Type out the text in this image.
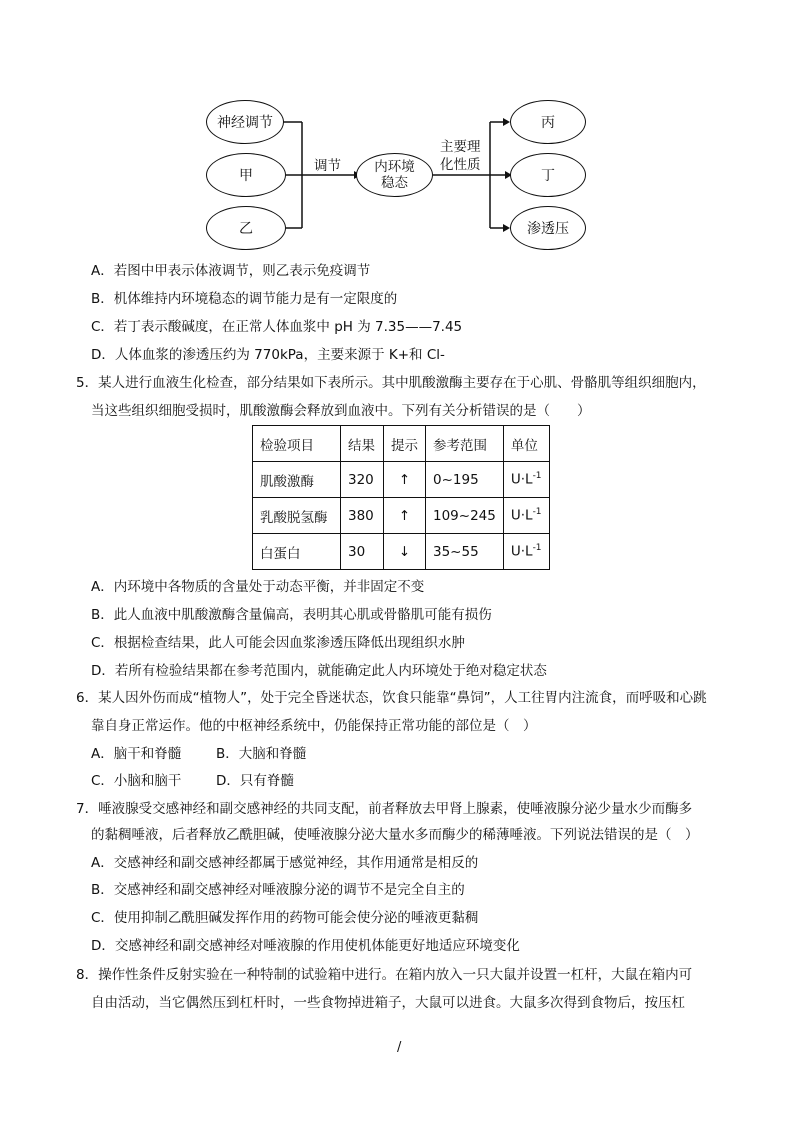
神经调节
甲
乙
调节 内环境
稳态
主要理
化性质
丙
丁
渗透压
A．若图中甲表示体液调节，则乙表示免疫调节
B．机体维持内环境稳态的调节能力是有一定限度的
C．若丁表示酸碱度，在正常人体血浆中 pH 为 7.35——7.45
D．人体血浆的渗透压约为 770kPa，主要来源于 K+和 Cl-
5．某人进行血液生化检查，部分结果如下表所示。其中肌酸激酶主要存在于心肌、骨骼肌等组织细胞内，
当这些组织细胞受损时，肌酸激酶会释放到血液中。下列有关分析错误的是（　　）
检验项目	结果	提示	参考范围	单位
肌酸激酶	320	↑	0~195	$U\cdot L^{-1}$
乳酸脱氢酶	380	↑	109~245	$U\cdot L^{-1}$
白蛋白	30	↓	35~55	$U\cdot L^{-1}$
A．内环境中各物质的含量处于动态平衡，并非固定不变
B．此人血液中肌酸激酶含量偏高，表明其心肌或骨骼肌可能有损伤
C．根据检查结果，此人可能会因血浆渗透压降低出现组织水肿
D．若所有检验结果都在参考范围内，就能确定此人内环境处于绝对稳定状态
6．某人因外伤而成“植物人”，处于完全昏迷状态，饮食只能靠“鼻饲”，人工往胃内注流食，而呼吸和心跳
靠自身正常运作。他的中枢神经系统中，仍能保持正常功能的部位是（　）
A．脑干和脊髓	B．大脑和脊髓
C．小脑和脑干	D．只有脊髓
7．唾液腺受交感神经和副交感神经的共同支配，前者释放去甲肾上腺素，使唾液腺分泌少量水少而酶多
的黏稠唾液，后者释放乙酰胆碱，使唾液腺分泌大量水多而酶少的稀薄唾液。下列说法错误的是（　）
A．交感神经和副交感神经都属于感觉神经，其作用通常是相反的
B．交感神经和副交感神经对唾液腺分泌的调节不是完全自主的
C．使用抑制乙酰胆碱发挥作用的药物可能会使分泌的唾液更黏稠
D．交感神经和副交感神经对唾液腺的作用使机体能更好地适应环境变化
8．操作性条件反射实验在一种特制的试验箱中进行。在箱内放入一只大鼠并设置一杠杆，大鼠在箱内可
自由活动，当它偶然压到杠杆时，一些食物掉进箱子，大鼠可以进食。大鼠多次得到食物后，按压杠
/
